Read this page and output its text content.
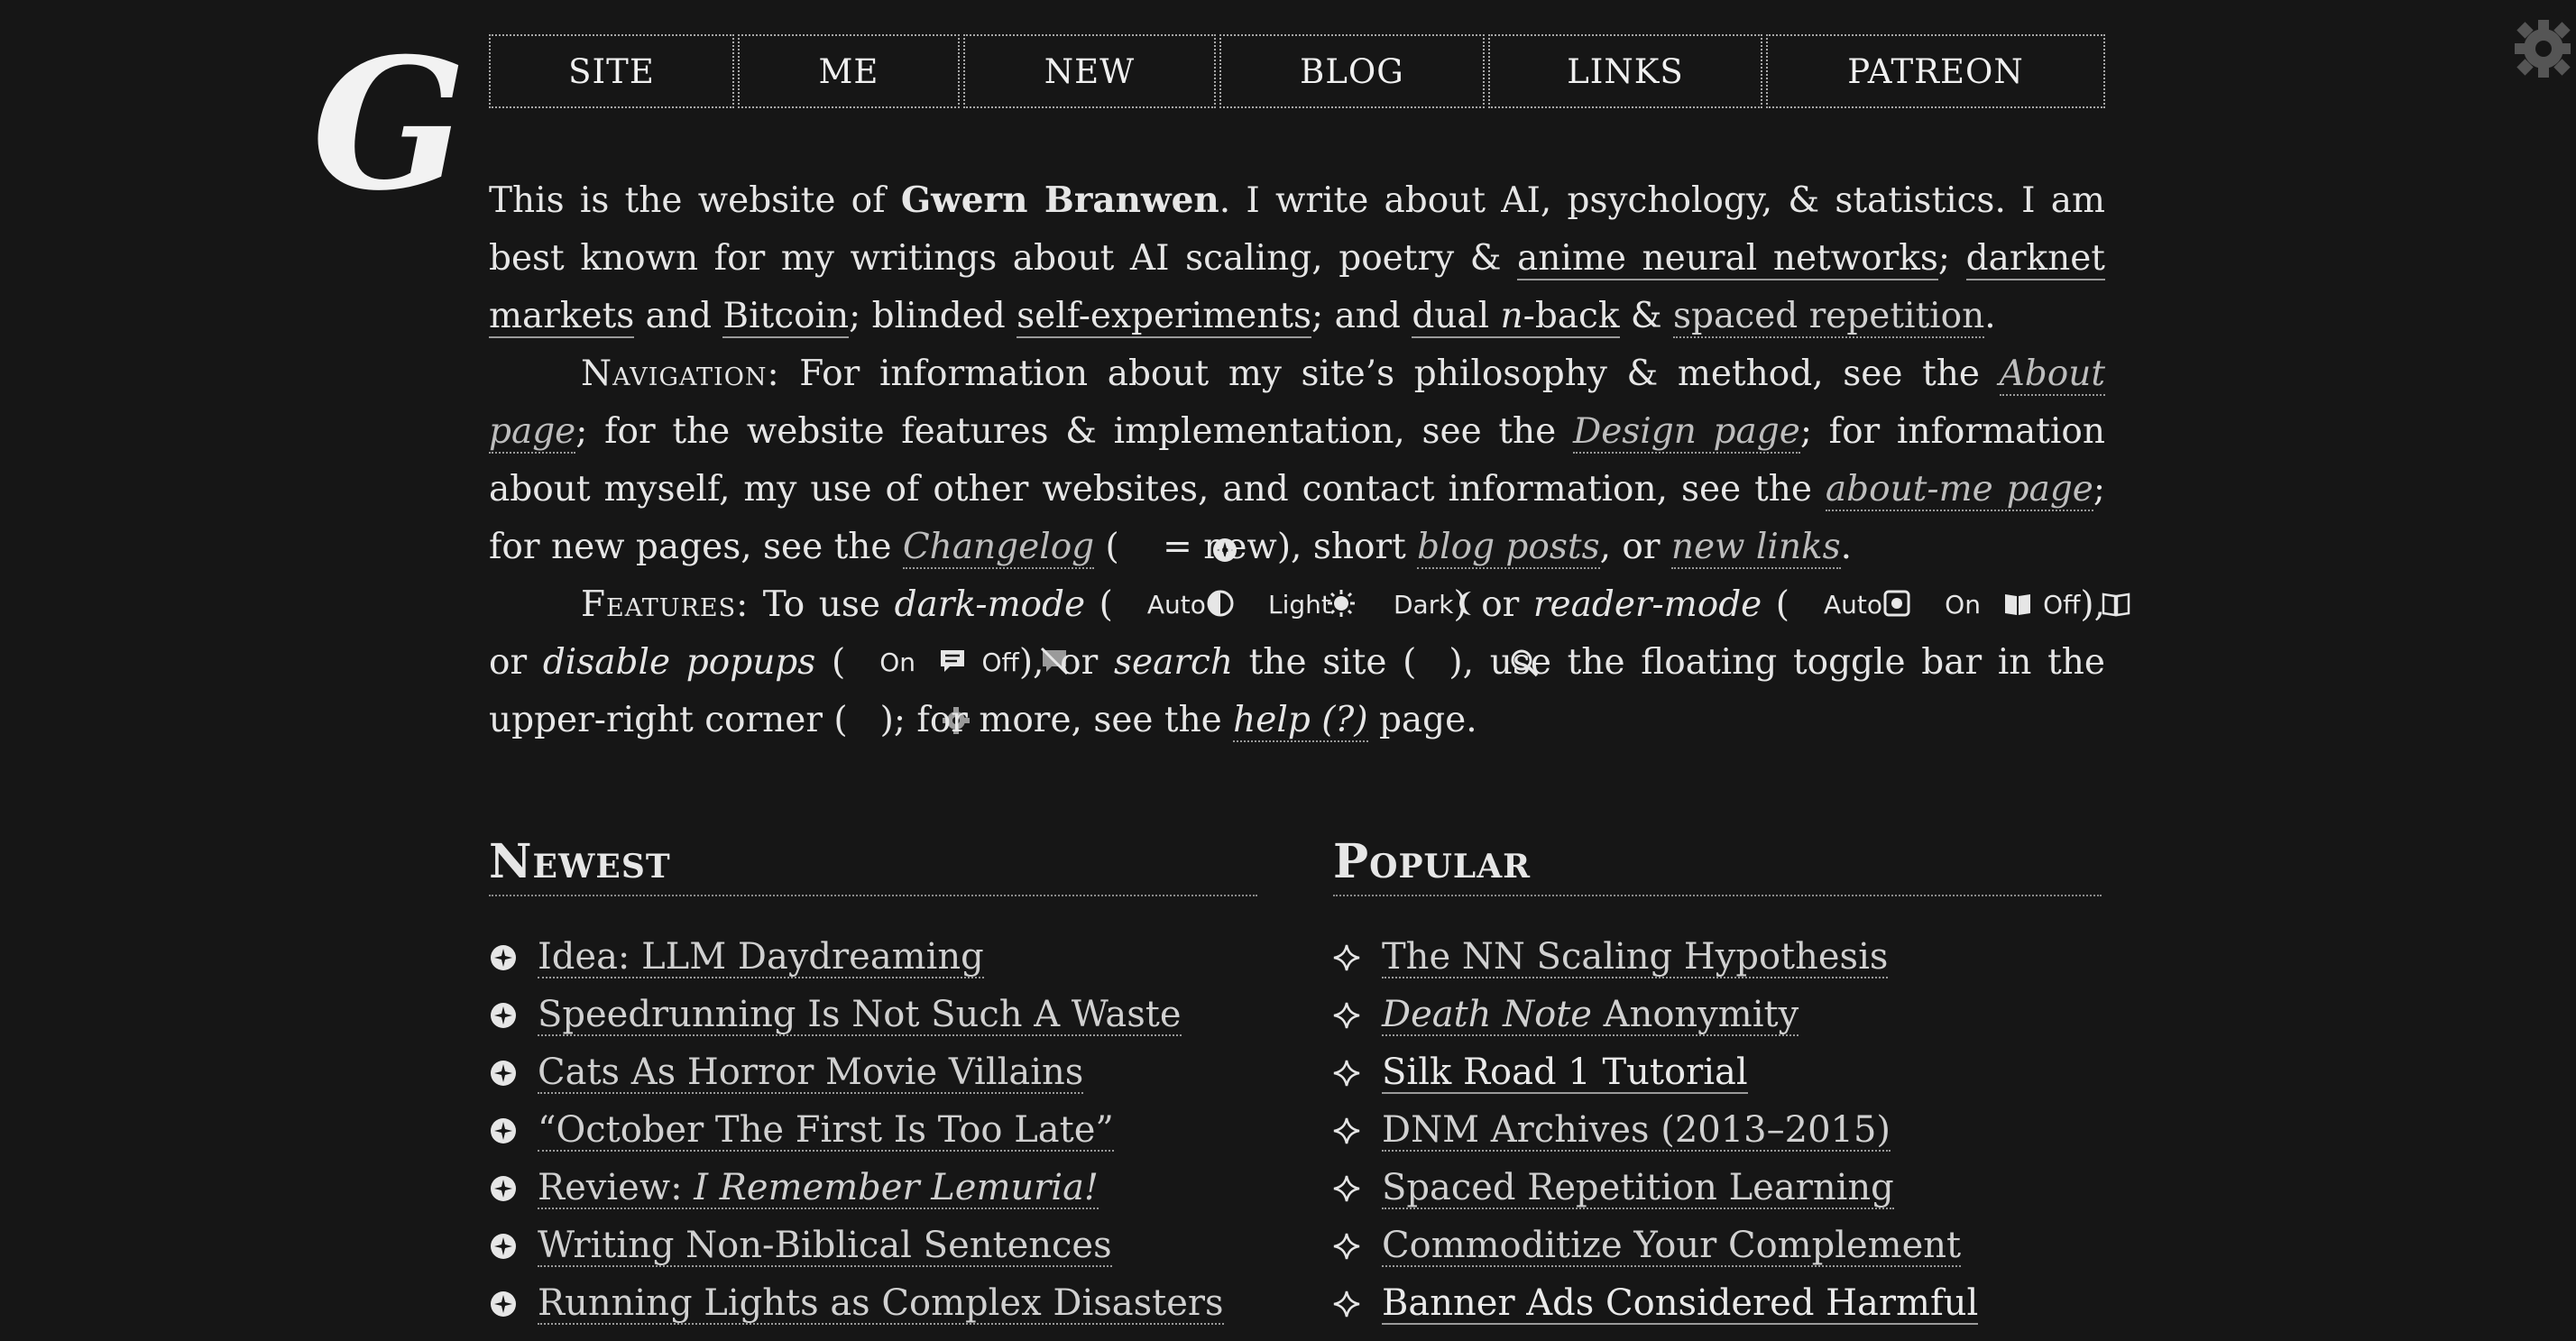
G	SITE	ME	NEW	BLOG	LINKS	PATREON

This is the website of Gwern Branwen. I write about AI, psychology, & statistics. I am best known for my writings about AI scaling, poetry & anime neural networks; darknet markets and Bitcoin; blinded self-experiments; and dual n-back & spaced repetition.

Navigation: For information about my site’s philosophy & method, see the About page; for the website features & implementation, see the Design page; for information about myself, my use of other websites, and contact information, see the about-me page; for new pages, see the Changelog ( = new), short blog posts, or new links.

Features: To use dark-mode ( Auto Light Dark) or reader-mode ( Auto On Off), or disable popups ( On	Off), or search the site ( ), use the floating toggle bar in the upper-right corner ( ); for more, see the help (?) page.

Newest
Idea: LLM Daydreaming
Speedrunning Is Not Such A Waste
Cats As Horror Movie Villains
“October The First Is Too Late”
Review: I Remember Lemuria!
Writing Non-Biblical Sentences
Running Lights as Complex Disasters
Popular
The NN Scaling Hypothesis
Death Note Anonymity
Silk Road 1 Tutorial
DNM Archives (2013–2015)
Spaced Repetition Learning
Commoditize Your Complement
Banner Ads Considered Harmful
